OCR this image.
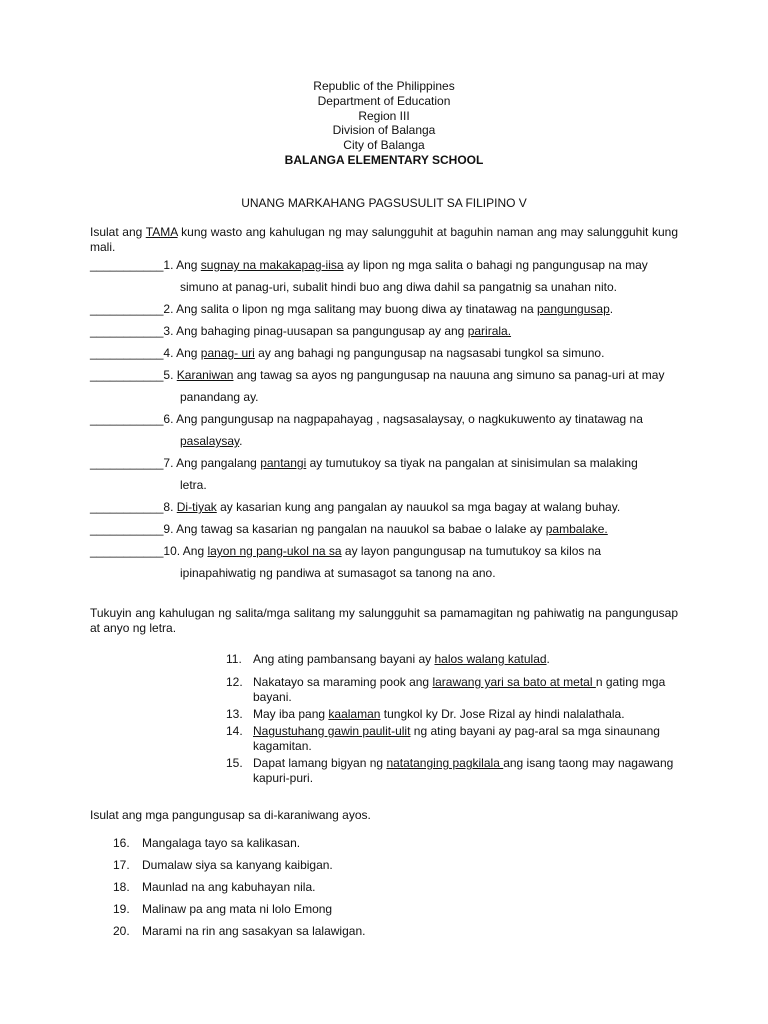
Republic of the Philippines
Department of Education
Region III
Division of Balanga
City of Balanga
BALANGA ELEMENTARY SCHOOL
UNANG MARKAHANG PAGSUSULIT SA FILIPINO V
Isulat ang TAMA kung wasto ang kahulugan ng may salungguhit at baguhin naman ang may salungguhit kung mali.
___________1. Ang sugnay na makakapag-iisa ay lipon ng mga salita o bahagi ng pangungusap na may
simuno at panag-uri, subalit hindi buo ang diwa dahil sa pangatnig sa unahan nito.
___________2. Ang salita o lipon ng mga salitang may buong diwa ay tinatawag na pangungusap.
___________3. Ang bahaging pinag-uusapan sa pangungusap ay ang parirala.
___________4. Ang panag- uri ay ang bahagi ng pangungusap na nagsasabi tungkol sa simuno.
___________5. Karaniwan ang tawag sa ayos ng pangungusap na nauuna ang simuno sa panag-uri at may
panandang ay.
___________6. Ang pangungusap na nagpapahayag , nagsasalaysay, o nagkukuwento ay tinatawag na
pasalaysay.
___________7. Ang pangalang pantangi ay tumutukoy sa tiyak na pangalan at sinisimulan sa malaking
letra.
___________8. Di-tiyak ay kasarian kung ang pangalan ay nauukol sa mga bagay at walang buhay.
___________9. Ang tawag sa kasarian ng pangalan na nauukol sa babae o lalake ay pambalake.
___________10. Ang layon ng pang-ukol na sa ay layon pangungusap na tumutukoy sa kilos na
ipinapahiwatig ng pandiwa at sumasagot sa tanong na ano.
Tukuyin ang kahulugan ng salita/mga salitang my salungguhit sa pamamagitan ng pahiwatig na pangungusap at anyo ng letra.
11. Ang ating pambansang bayani ay halos walang katulad.
12. Nakatayo sa maraming pook ang larawang yari sa bato at metal n gating mga bayani.
13. May iba pang kaalaman tungkol ky Dr. Jose Rizal ay hindi nalalathala.
14. Nagustuhang gawin paulit-ulit ng ating bayani ay pag-aral sa mga sinaunang kagamitan.
15. Dapat lamang bigyan ng natatanging pagkilala ang isang taong may nagawang kapuri-puri.
Isulat ang mga pangungusap sa di-karaniwang ayos.
16.	Mangalaga tayo sa kalikasan.
17.	Dumalaw siya sa kanyang kaibigan.
18.	Maunlad na ang kabuhayan nila.
19.	Malinaw pa ang mata ni lolo Emong
20.	Marami na rin ang sasakyan sa lalawigan.
